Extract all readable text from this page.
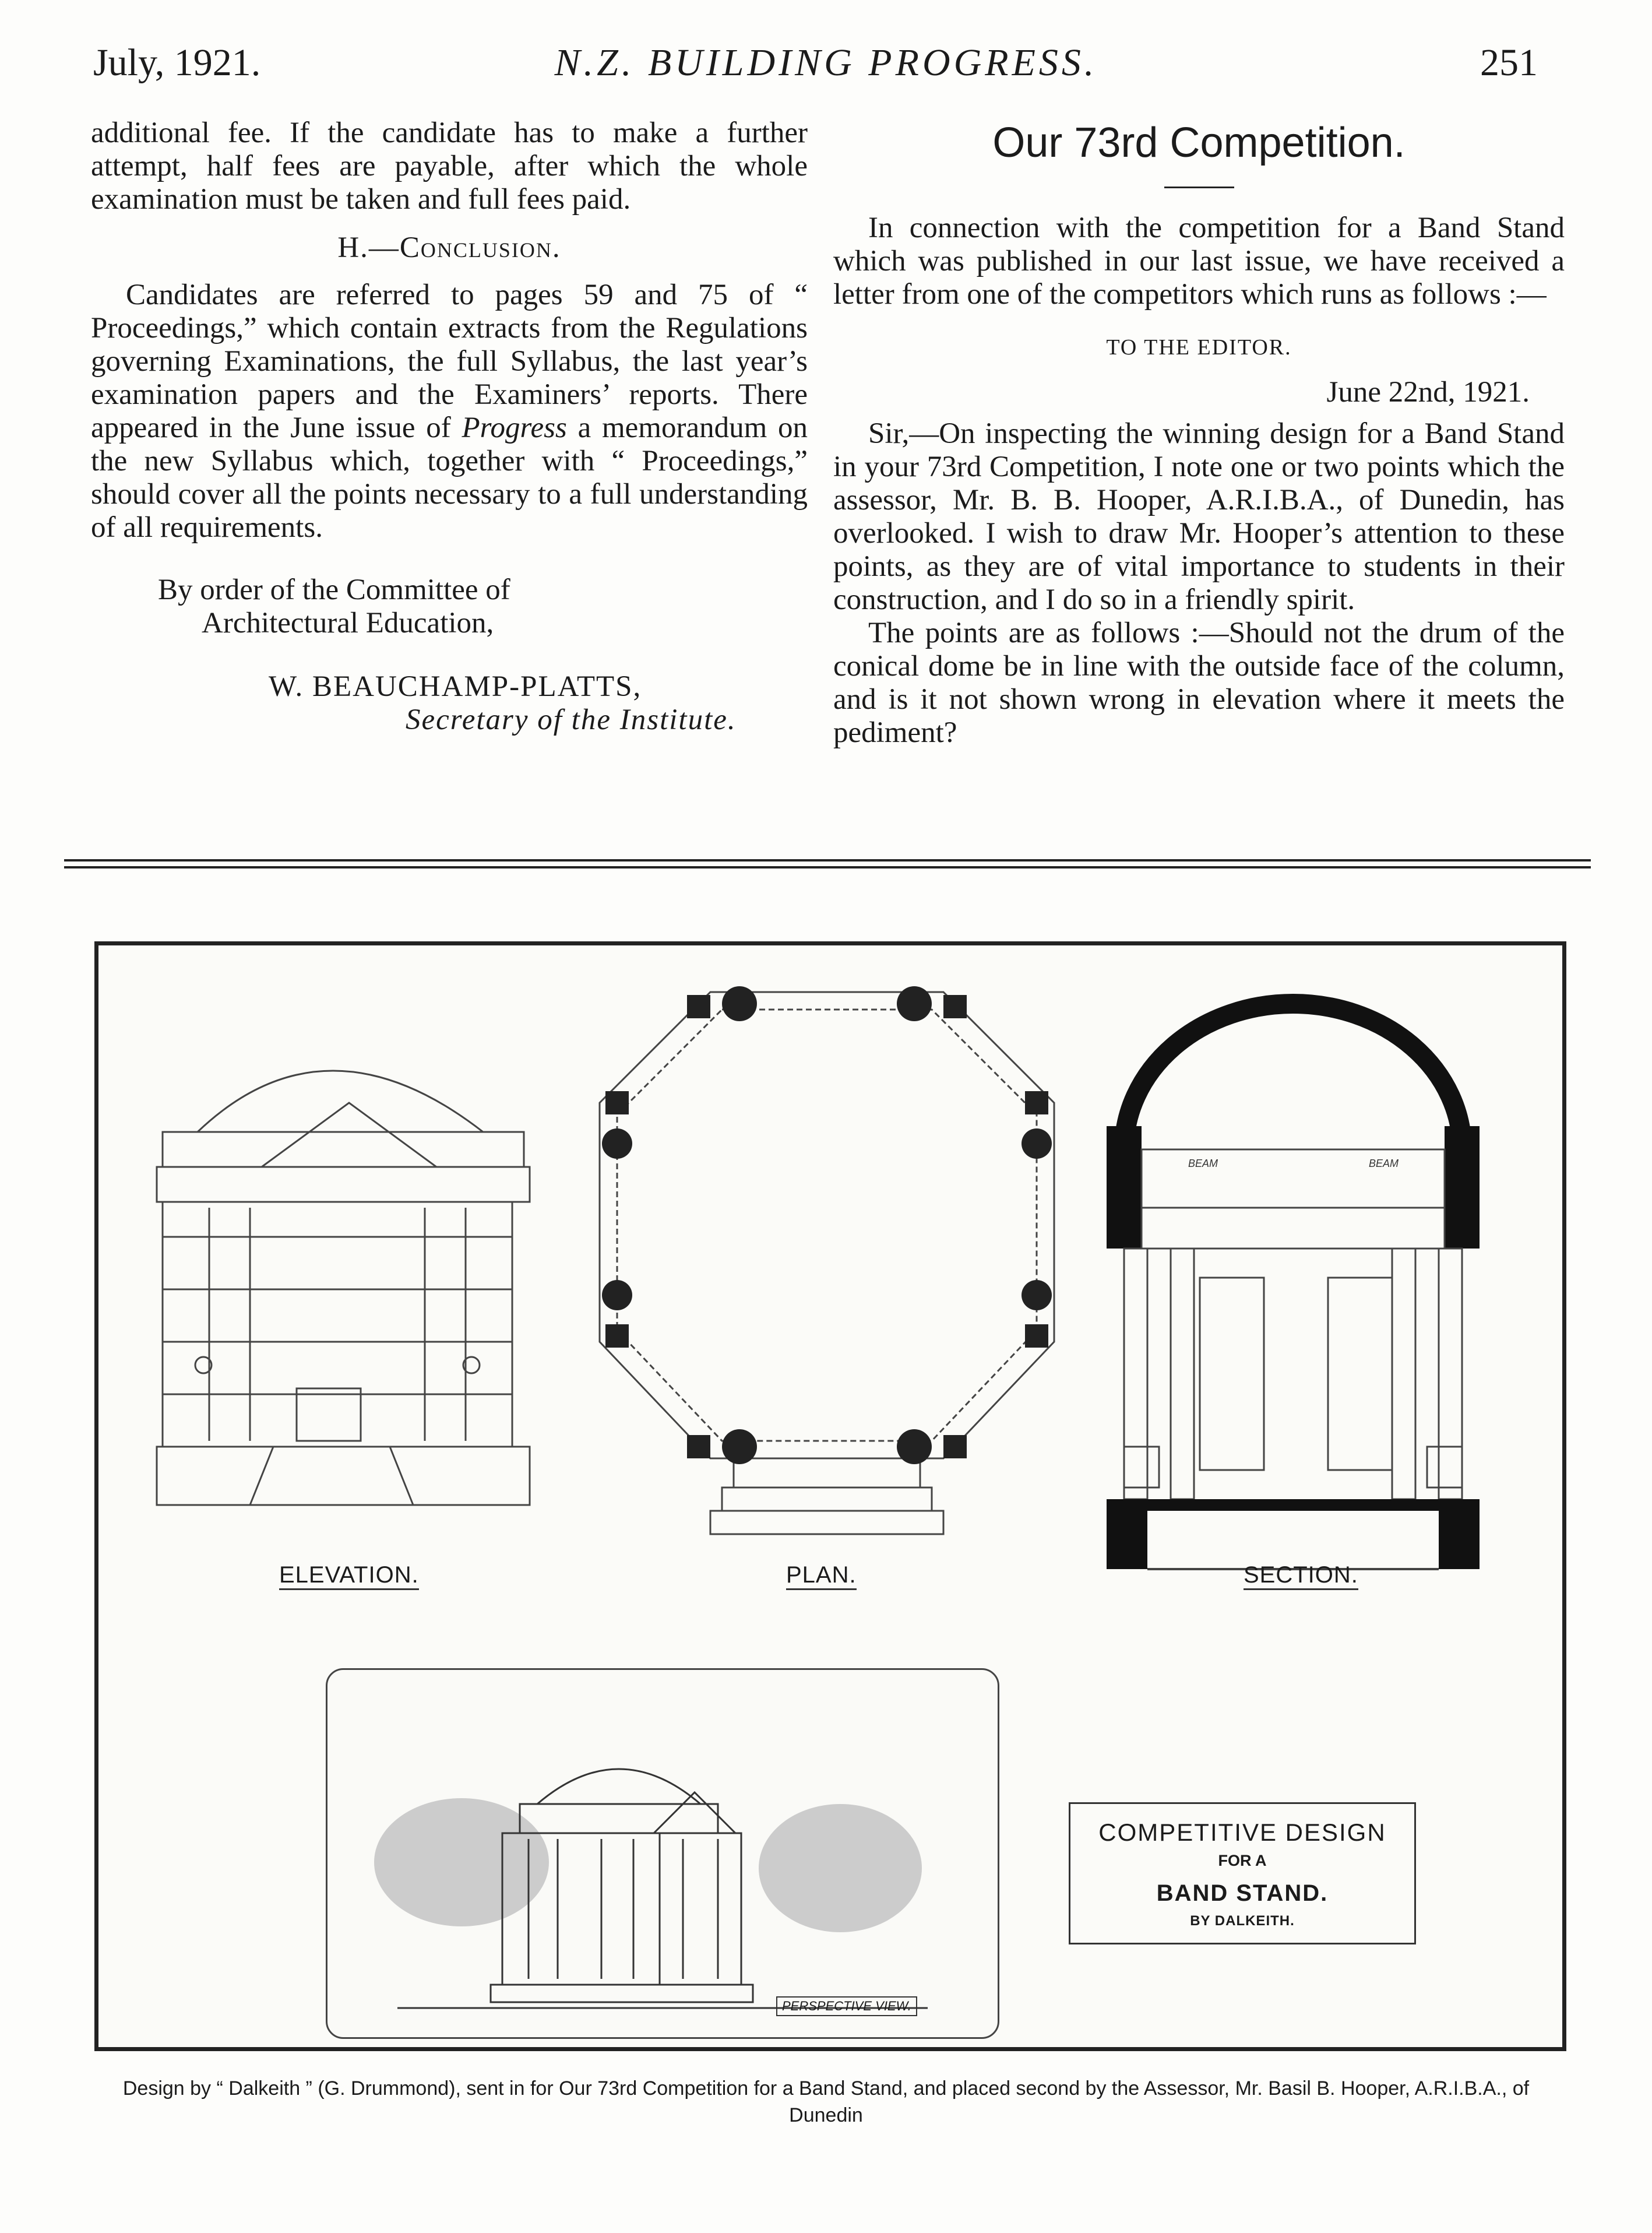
July, 1921.	N.Z. BUILDING PROGRESS.	251

additional fee. If the candidate has to make a further attempt, half fees are payable, after which the whole examination must be taken and full fees paid.

H.—Conclusion.

Candidates are referred to pages 59 and 75 of “ Proceedings,” which contain extracts from the Regulations governing Examinations, the full Syllabus, the last year’s examination papers and the Examiners’ reports. There appeared in the June issue of Progress a memorandum on the new Syllabus which, together with “ Proceedings,” should cover all the points necessary to a full understanding of all requirements.

By order of the Committee of

Architectural Education,

W. BEAUCHAMP-PLATTS,

Secretary of the Institute.

Our 73rd Competition.

In connection with the competition for a Band Stand which was published in our last issue, we have received a letter from one of the competitors which runs as follows :—

TO THE EDITOR.

June 22nd, 1921.

Sir,—On inspecting the winning design for a Band Stand in your 73rd Competition, I note one or two points which the assessor, Mr. B. B. Hooper, A.R.I.B.A., of Dunedin, has overlooked. I wish to draw Mr. Hooper’s attention to these points, as they are of vital importance to students in their construction, and I do so in a friendly spirit.

The points are as follows :—Should not the drum of the conical dome be in line with the outside face of the column, and is it not shown wrong in elevation where it meets the pediment?

ELEVATION.	PLAN.
BEAM	BEAM
SECTION.
PERSPECTIVE VIEW.
COMPETITIVE DESIGN
FOR A
BAND STAND.
BY DALKEITH.
Design by “ Dalkeith ” (G. Drummond), sent in for Our 73rd Competition for a Band Stand, and placed second by the Assessor, Mr. Basil B. Hooper, A.R.I.B.A., of Dunedin
